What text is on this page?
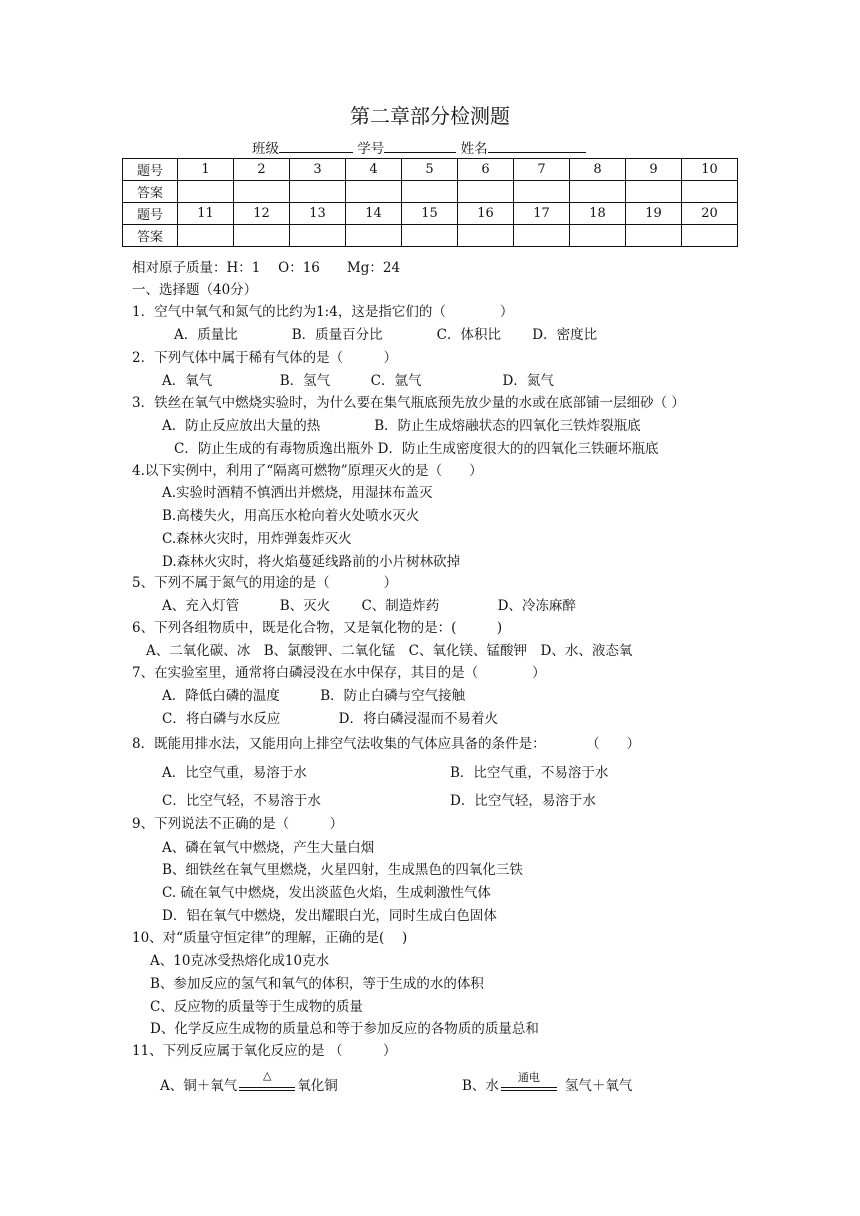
第二章部分检测题
班级	学号	姓名
题号	1	2	3	4	5	6	7	8	9	10
答案										
题号	11	12	13	14	15	16	17	18	19	20
答案										
相对原子质量：H：1　 O：16　　Mg：24
一、选择题（40分）
1．空气中氧气和氮气的比约为1:4，这是指它们的（　　　　）
A．质量比　　　　B．质量百分比　　　　C．体积比　　 D．密度比
2．下列气体中属于稀有气体的是（　　　）
A．氧气　　　　　B．氢气　　　C．氩气　　　　　　D．氮气
3．铁丝在氧气中燃烧实验时，为什么要在集气瓶底预先放少量的水或在底部铺一层细砂（ ）
A．防止反应放出大量的热　　　　B．防止生成熔融状态的四氧化三铁炸裂瓶底
C．防止生成的有毒物质逸出瓶外 D．防止生成密度很大的的四氧化三铁砸坏瓶底
4.以下实例中，利用了“隔离可燃物”原理灭火的是（　　）
A.实验时酒精不慎洒出并燃烧，用湿抹布盖灭
B.高楼失火，用高压水枪向着火处喷水灭火
C.森林火灾时，用炸弹轰炸灭火
D.森林火灾时，将火焰蔓延线路前的小片树林砍掉
5、下列不属于氮气的用途的是（　　　　）
A、充入灯管　　　B、灭火　　 C、制造炸药　　　　 D、冷冻麻醉
6、下列各组物质中，既是化合物，又是氧化物的是：(　　　)
A、二氧化碳、冰　B、氯酸钾、二氧化锰　C、氧化镁、锰酸钾　D、水、液态氧
7、在实验室里，通常将白磷浸没在水中保存，其目的是（　　　　）
A．降低白磷的温度　　　B．防止白磷与空气接触
C．将白磷与水反应　　　　 D．将白磷浸湿而不易着火
8．既能用排水法，又能用向上排空气法收集的气体应具备的条件是：　　　　（　　）
A．比空气重，易溶于水	B．比空气重，不易溶于水
C．比空气轻，不易溶于水	D．比空气轻，易溶于水
9、下列说法不正确的是（　　　）
A、磷在氧气中燃烧，产生大量白烟
B、细铁丝在氧气里燃烧，火星四射，生成黑色的四氧化三铁
C. 硫在氧气中燃烧，发出淡蓝色火焰，生成刺激性气体
D．铝在氧气中燃烧，发出耀眼白光，同时生成白色固体
10、对“质量守恒定律”的理解，正确的是(　 )
A、10克冰受热熔化成10克水
B、参加反应的氢气和氧气的体积，等于生成的水的体积
C、反应物的质量等于生成物的质量
D、化学反应生成物的质量总和等于参加反应的各物质的质量总和
11、下列反应属于氧化反应的是 （　　　）
A、铜＋氧气
△
氧化铜	B、水
通电
氢气＋氧气
